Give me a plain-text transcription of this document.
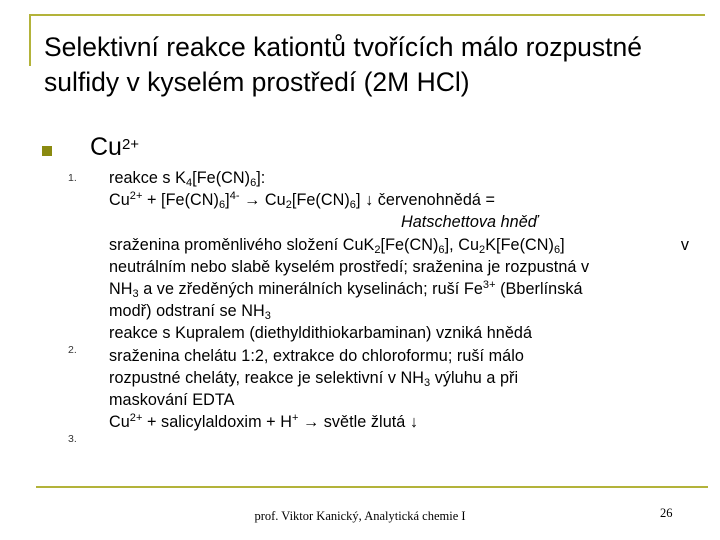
Selektivní reakce kationtů tvořících málo rozpustné sulfidy v kyselém prostředí (2M HCl)
$Cu^{2+}$
1.
2.
3.
reakce s $K_4[Fe(CN)_6]$:
$Cu^{2+} + [Fe(CN)_6]^{4-} \to Cu_2[Fe(CN)_6]$ ↓ červenohnědá =
Hatschettova hněď
sraženina proměnlivého složení $CuK_2[Fe(CN)_6]$, $Cu_2K[Fe(CN)_6]$	v
neutrálním nebo slabě kyselém prostředí; sraženina je rozpustná v
$NH_3$ a ve zředěných minerálních kyselinách; ruší $Fe^{3+}$ (Bberlínská
modř) odstraní se $NH_3$
reakce s Kupralem (diethyldithiokarbaminan) vzniká hnědá
sraženina chelátu 1:2, extrakce do chloroformu; ruší málo
rozpustné cheláty, reakce je selektivní v $NH_3$ výluhu a při
maskování EDTA
$Cu^{2+}$ + salicylaldoxim + H+ → světle žlutá ↓
prof. Viktor Kanický, Analytická chemie I	26
